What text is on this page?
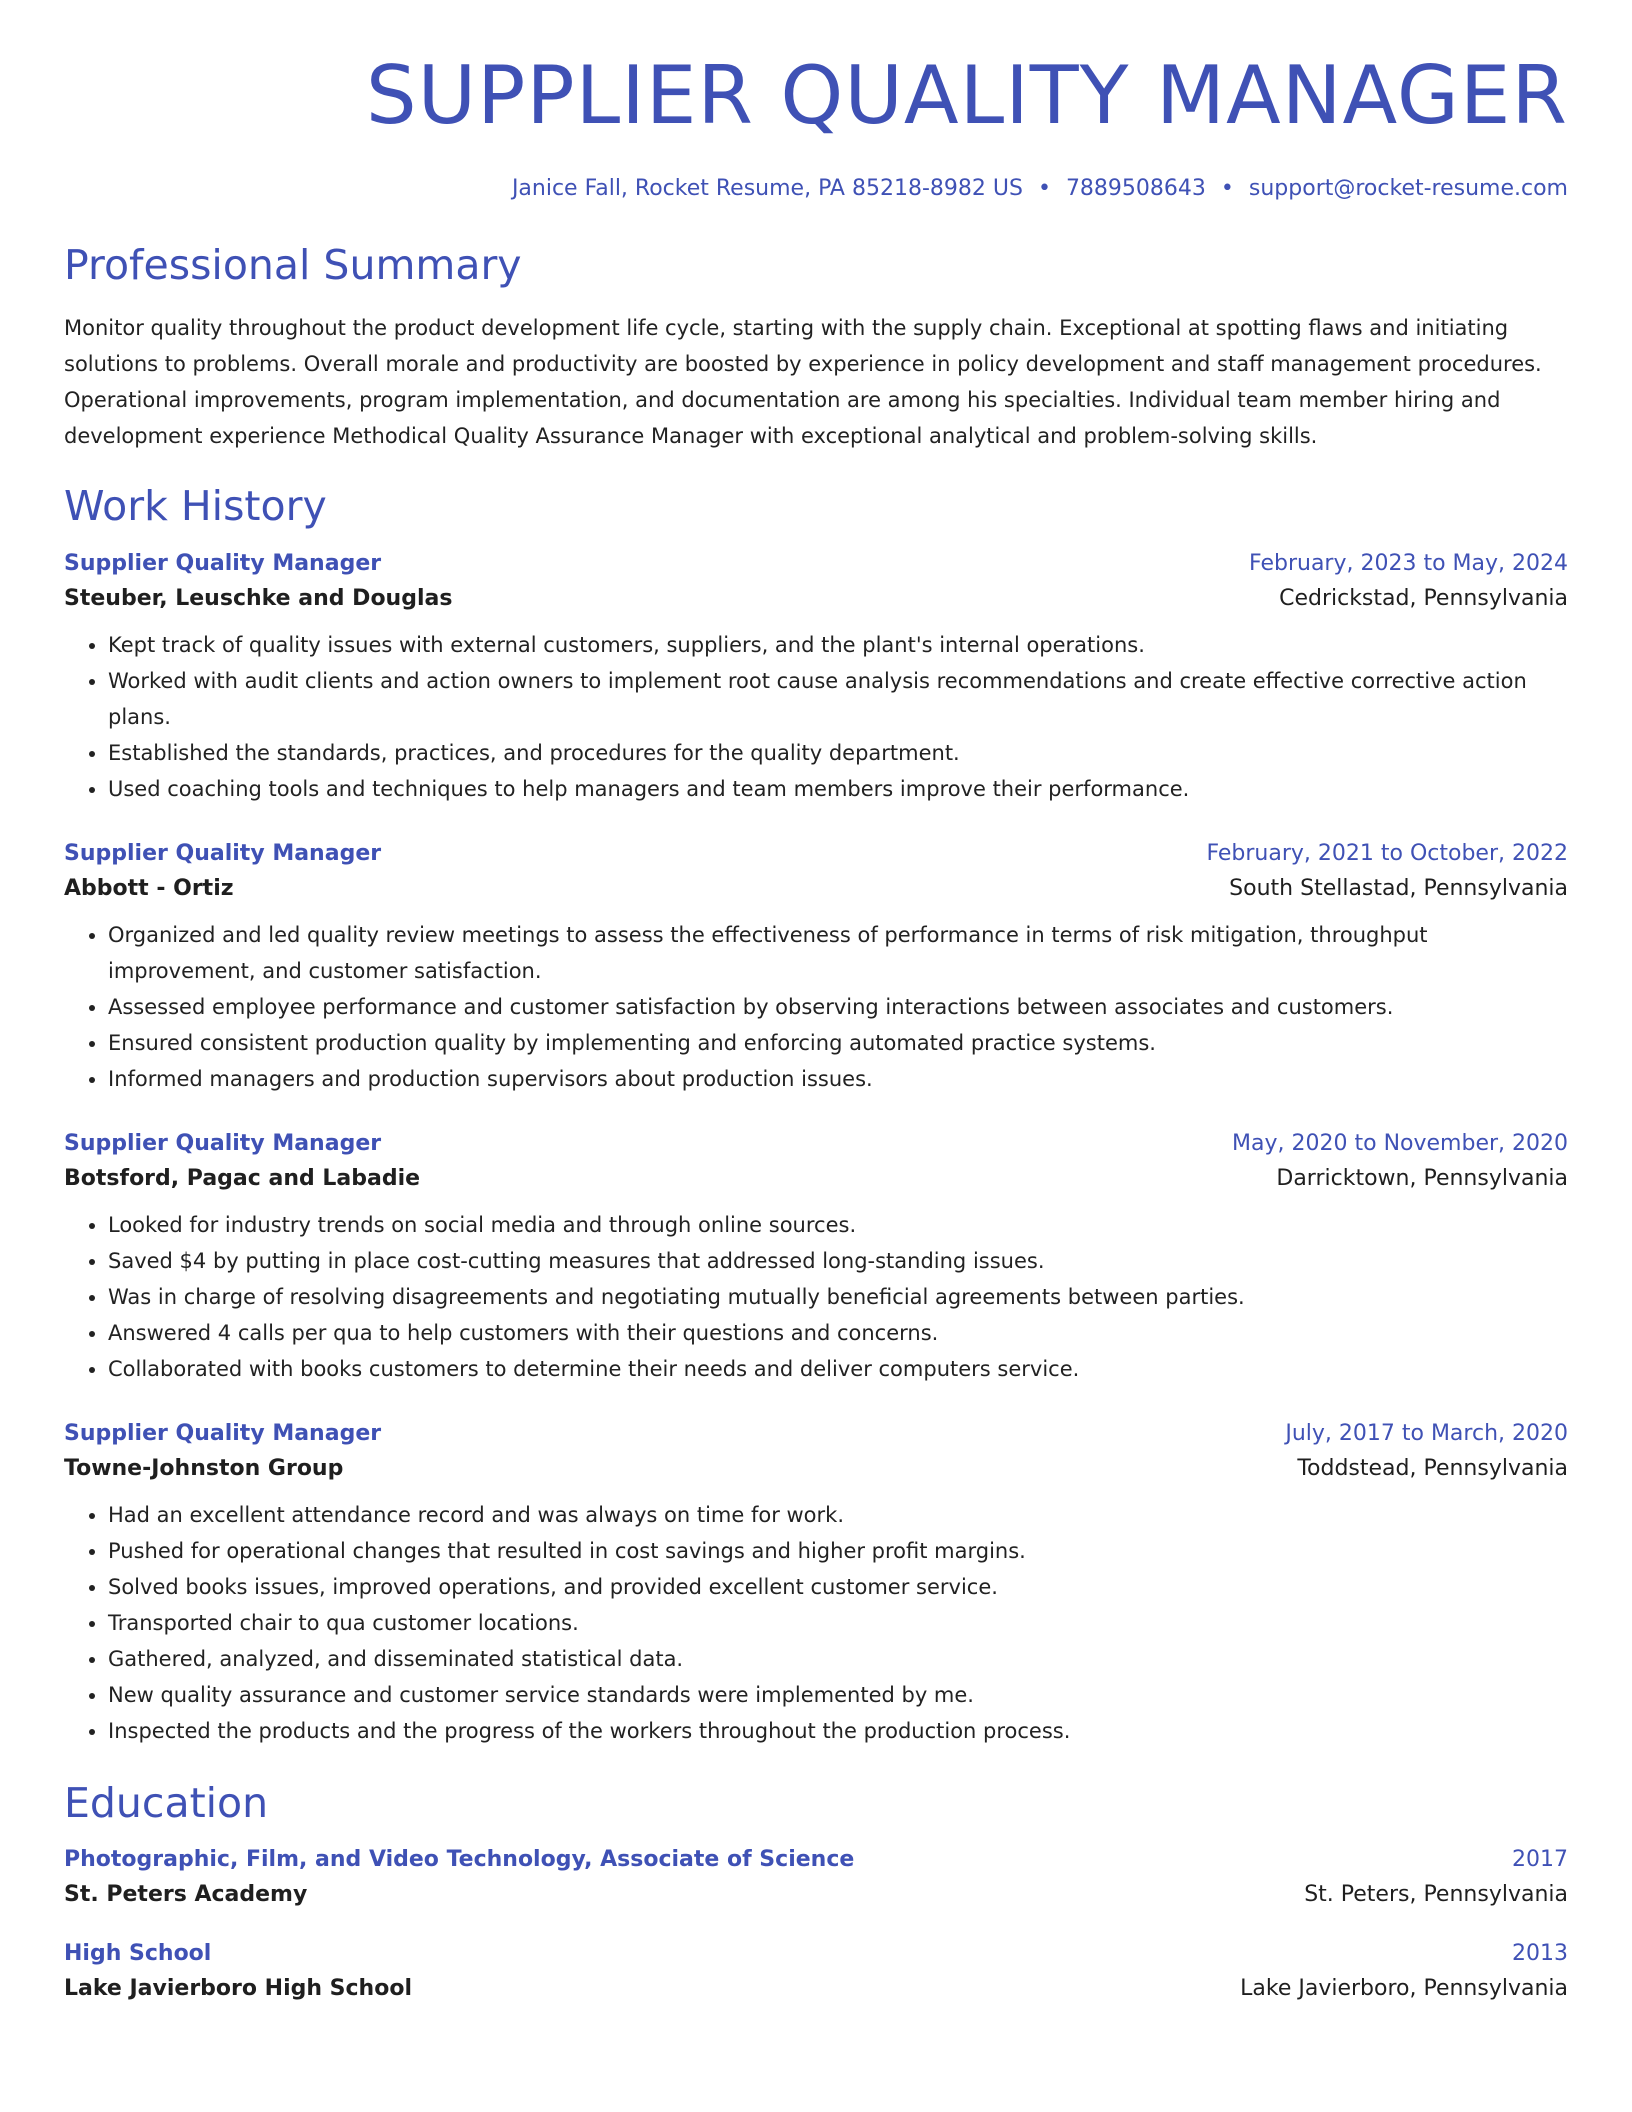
SUPPLIER QUALITY MANAGER
Janice Fall, Rocket Resume, PA 85218-8982 US • 7889508643 • support@rocket-resume.com
Professional Summary
Monitor quality throughout the product development life cycle, starting with the supply chain. Exceptional at spotting flaws and initiating solutions to problems. Overall morale and productivity are boosted by experience in policy development and staff management procedures. Operational improvements, program implementation, and documentation are among his specialties. Individual team member hiring and development experience Methodical Quality Assurance Manager with exceptional analytical and problem-solving skills.
Work History
Supplier Quality Manager	February, 2023 to May, 2024
Steuber, Leuschke and Douglas	Cedrickstad, Pennsylvania
• Kept track of quality issues with external customers, suppliers, and the plant's internal operations.
• Worked with audit clients and action owners to implement root cause analysis recommendations and create effective corrective action plans.
• Established the standards, practices, and procedures for the quality department.
• Used coaching tools and techniques to help managers and team members improve their performance.
Supplier Quality Manager	February, 2021 to October, 2022
Abbott - Ortiz	South Stellastad, Pennsylvania
• Organized and led quality review meetings to assess the effectiveness of performance in terms of risk mitigation, throughput improvement, and customer satisfaction.
• Assessed employee performance and customer satisfaction by observing interactions between associates and customers.
• Ensured consistent production quality by implementing and enforcing automated practice systems.
• Informed managers and production supervisors about production issues.
Supplier Quality Manager	May, 2020 to November, 2020
Botsford, Pagac and Labadie	Darricktown, Pennsylvania
• Looked for industry trends on social media and through online sources.
• Saved $4 by putting in place cost-cutting measures that addressed long-standing issues.
• Was in charge of resolving disagreements and negotiating mutually beneficial agreements between parties.
• Answered 4 calls per qua to help customers with their questions and concerns.
• Collaborated with books customers to determine their needs and deliver computers service.
Supplier Quality Manager	July, 2017 to March, 2020
Towne-Johnston Group	Toddstead, Pennsylvania
• Had an excellent attendance record and was always on time for work.
• Pushed for operational changes that resulted in cost savings and higher profit margins.
• Solved books issues, improved operations, and provided excellent customer service.
• Transported chair to qua customer locations.
• Gathered, analyzed, and disseminated statistical data.
• New quality assurance and customer service standards were implemented by me.
• Inspected the products and the progress of the workers throughout the production process.
Education
Photographic, Film, and Video Technology, Associate of Science	2017
St. Peters Academy	St. Peters, Pennsylvania
High School	2013
Lake Javierboro High School	Lake Javierboro, Pennsylvania
